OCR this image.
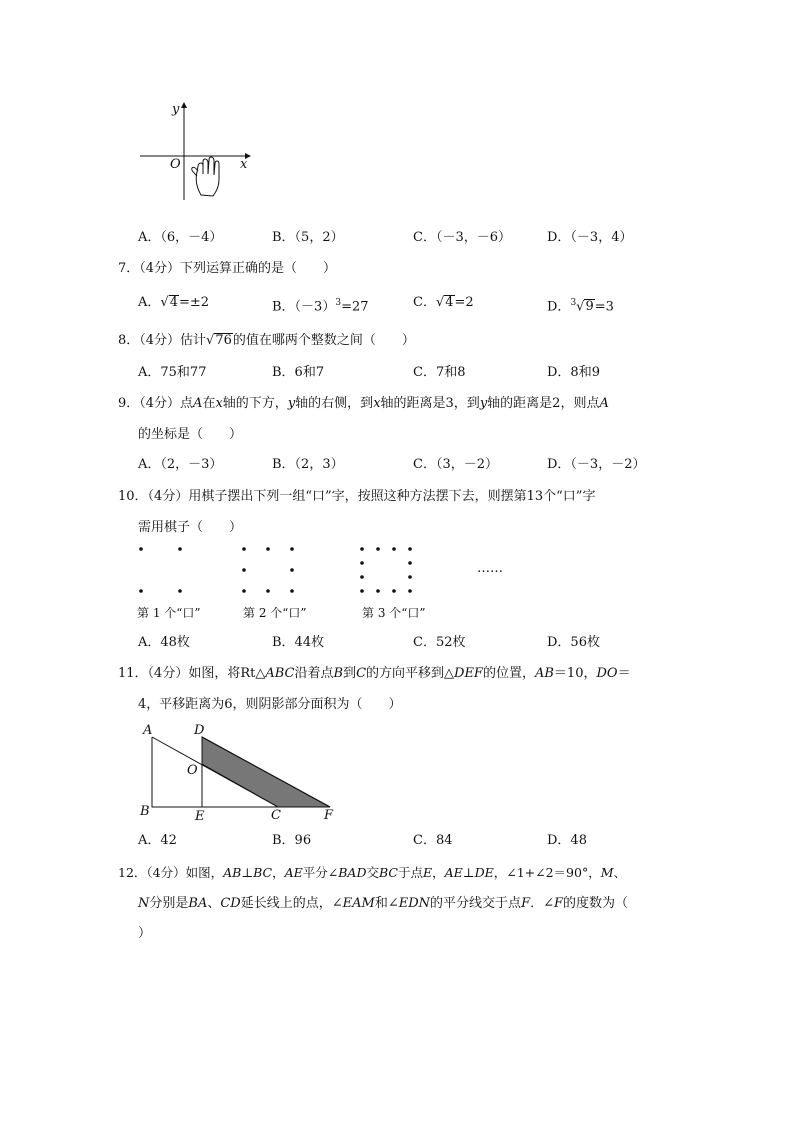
y
x
O
A．（6，－4）	B．（5，2）	C．（－3，－6）	D．（－3，4）
7．（4分）下列运算正确的是（　　）
A．√4=±2	B．$(-3)^3=27$	C．√4=2	D．$^3$√9=3
8．（4分）估计√76的值在哪两个整数之间（　　）
A．75和77	B．6和7	C．7和8	D．8和9
9．（4分）点A在x轴的下方，y轴的右侧，到x轴的距离是3，到y轴的距离是2，则点A
的坐标是（　　）
A．（2，－3）	B．（2，3）	C．（3，－2）	D．（－3，－2）
10．（4分）用棋子摆出下列一组“口”字，按照这种方法摆下去，则摆第13个“口”字
需用棋子（　　）
……
第 1 个“口”	第 2 个“口”	第 3 个“口”
A．48枚	B．44枚	C．52枚	D．56枚
11．（4分）如图，将Rt△ABC沿着点B到C的方向平移到△DEF的位置，AB＝10，DO＝
4，平移距离为6，则阴影部分面积为（　　）
A	D
O
B	E	C	F
A．42	B．96	C．84	D．48
12．（4分）如图，AB⊥BC，AE平分∠BAD交BC于点E，AE⊥DE，∠1+∠2＝90°，M、
N分别是BA、CD延长线上的点，∠EAM和∠EDN的平分线交于点F．∠F的度数为（
）
